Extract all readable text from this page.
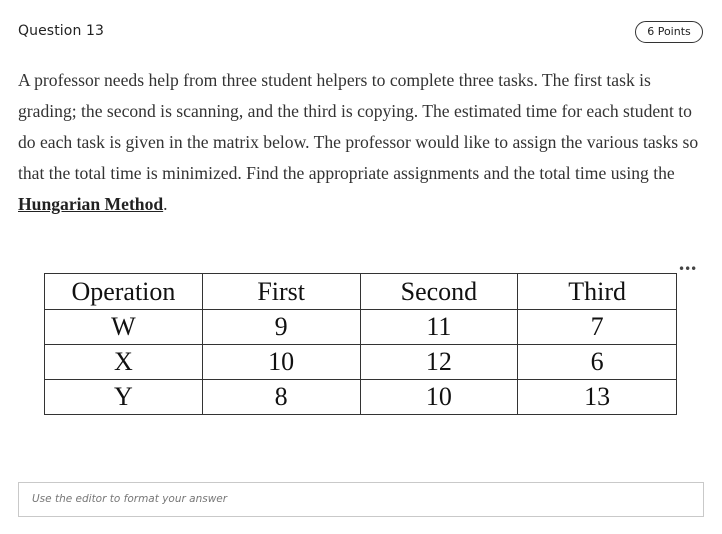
Question 13	6 Points
A professor needs help from three student helpers to complete three tasks. The first task is grading; the second is scanning, and the third is copying. The estimated time for each student to do each task is given in the matrix below. The professor would like to assign the various tasks so that the total time is minimized. Find the appropriate assignments and the total time using the Hungarian Method.
•••
Operation	First	Second	Third
W	9	11	7
X	10	12	6
Y	8	10	13
Use the editor to format your answer
